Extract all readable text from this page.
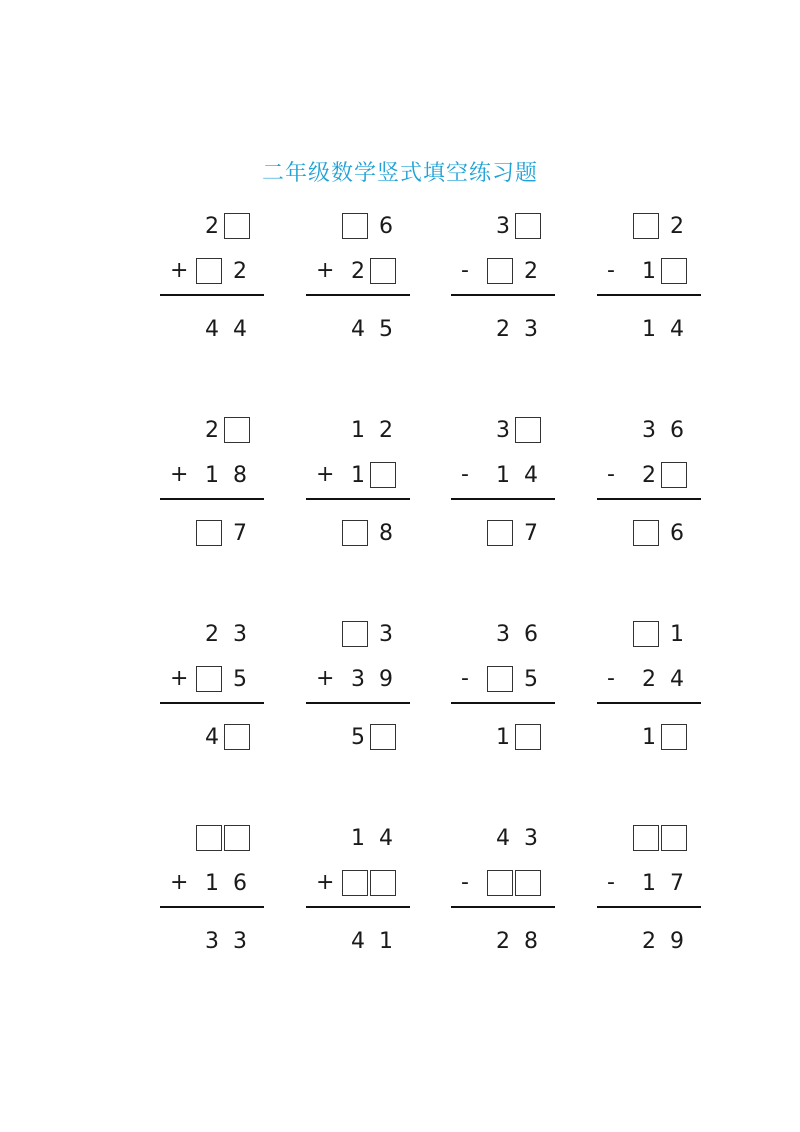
二年级数学竖式填空练习题
2
+ 2
4 4
6
+ 2
4 5
3
-	2
2 3
2
- 1
1 4
2
+ 1 8
7
1 2
+ 1
8
3
- 1 4
7
3 6
- 2
6
2 3
+ 5
4
3
+ 3 9
5
3 6
-	5
1
1
- 2 4
1
+ 1 6
3 3
1 4
+
4 1
4 3
-
2 8
- 1 7
2 9
